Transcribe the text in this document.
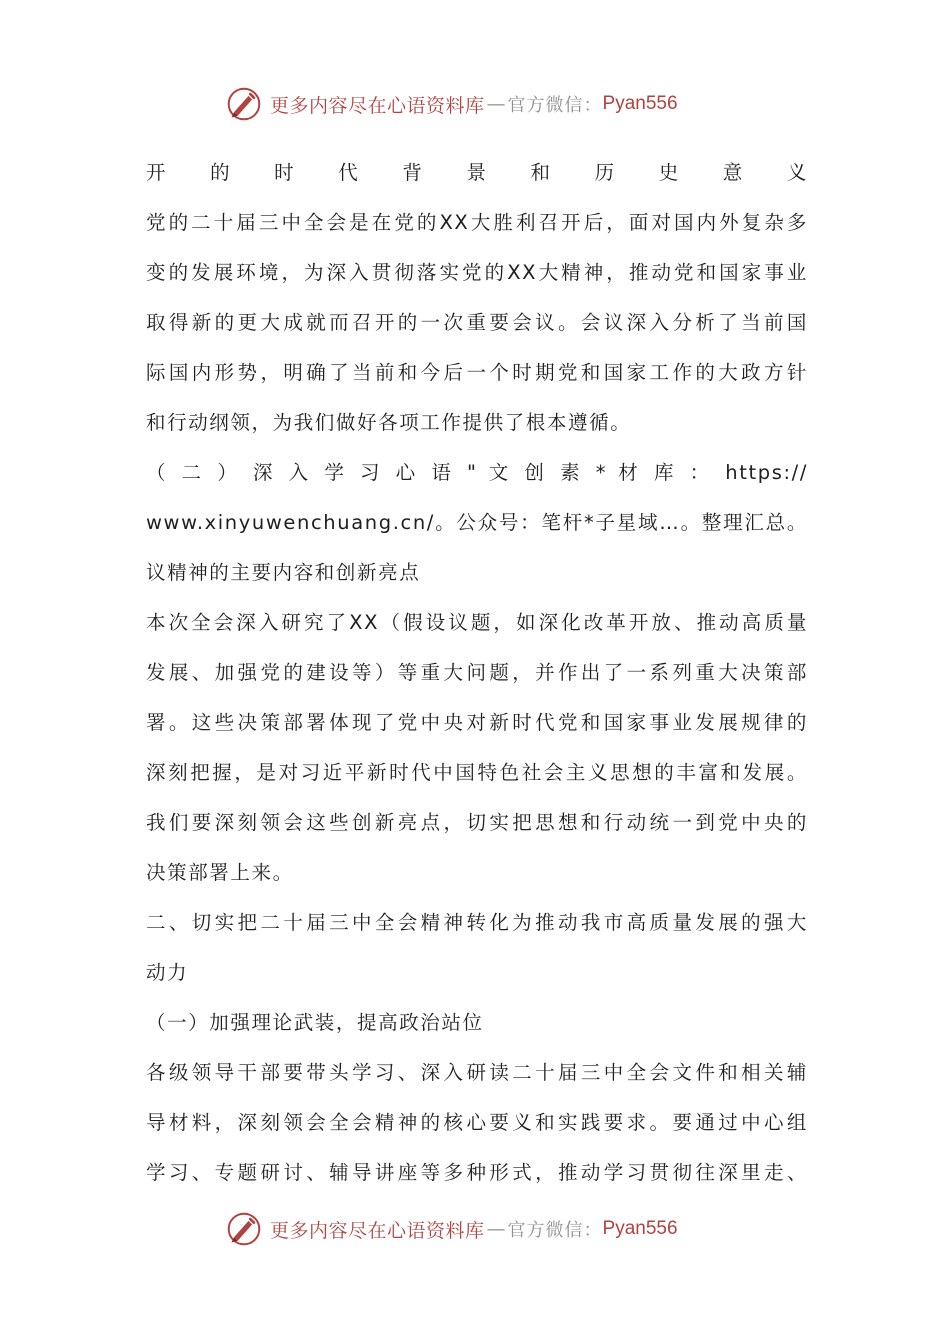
更多内容尽在心语资料库 — 官方微信： Pyan556
开的时代背景和历史意义
党的二十届三中全会是在党的XX大胜利召开后，面对国内外复杂多
变的发展环境，为深入贯彻落实党的XX大精神，推动党和国家事业
取得新的更大成就而召开的一次重要会议。会议深入分析了当前国
际国内形势，明确了当前和今后一个时期党和国家工作的大政方针
和行动纲领，为我们做好各项工作提供了根本遵循。
（ 二 ） 深 入 学 习 心 语 " 文 创 素 * 材 库 ： https://
www.xinyuwenchuang.cn/。公众号：笔杆*子星域…。整理汇总。
议精神的主要内容和创新亮点
本次全会深入研究了XX（假设议题，如深化改革开放、推动高质量
发展、加强党的建设等）等重大问题，并作出了一系列重大决策部
署。这些决策部署体现了党中央对新时代党和国家事业发展规律的
深刻把握，是对习近平新时代中国特色社会主义思想的丰富和发展。
我们要深刻领会这些创新亮点，切实把思想和行动统一到党中央的
决策部署上来。
二、切实把二十届三中全会精神转化为推动我市高质量发展的强大
动力
（一）加强理论武装，提高政治站位
各级领导干部要带头学习、深入研读二十届三中全会文件和相关辅
导材料，深刻领会全会精神的核心要义和实践要求。要通过中心组
学习、专题研讨、辅导讲座等多种形式，推动学习贯彻往深里走、
更多内容尽在心语资料库 — 官方微信： Pyan556
